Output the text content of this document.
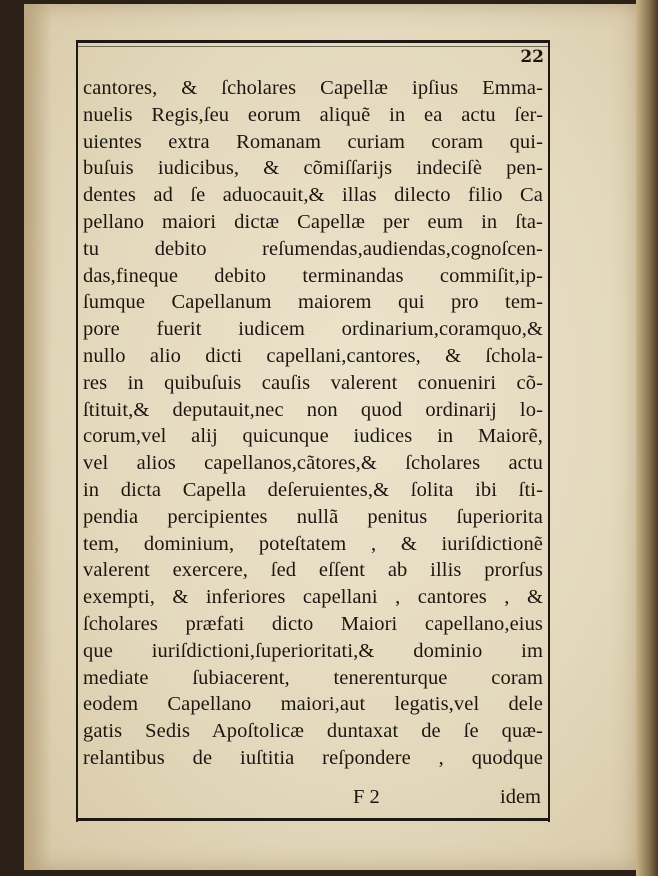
22
cantores, & ſcholares Capellæ ipſius Emma-
nuelis Regis,ſeu eorum aliquẽ in ea actu ſer-
uientes extra Romanam curiam coram qui-
buſuis iudicibus, & cõmiſſarijs indeciſè pen-
dentes ad ſe aduocauit,& illas dilecto filio Ca
pellano maiori dictæ Capellæ per eum in ſta-
tu debito reſumendas,audiendas,cognoſcen-
das,fineque debito terminandas commiſit,ip-
ſumque Capellanum maiorem qui pro tem-
pore fuerit iudicem ordinarium,coramquo,&
nullo alio dicti capellani,cantores, & ſchola-
res in quibuſuis cauſis valerent conueniri cõ-
ſtituit,& deputauit,nec non quod ordinarij lo-
corum,vel alij quicunque iudices in Maiorẽ,
vel alios capellanos,cãtores,& ſcholares actu
in dicta Capella deſeruientes,& ſolita ibi ſti-
pendia percipientes nullã penitus ſuperiorita
tem, dominium, poteſtatem , & iuriſdictionẽ
valerent exercere, ſed eſſent ab illis prorſus
exempti, & inferiores capellani , cantores , &
ſcholares præfati dicto Maiori capellano,eius
que iuriſdictioni,ſuperioritati,& dominio im
mediate ſubiacerent, tenerenturque coram
eodem Capellano maiori,aut legatis,vel dele
gatis Sedis Apoſtolicæ duntaxat de ſe quæ-
relantibus de iuſtitia reſpondere , quodque
F 2	idem
